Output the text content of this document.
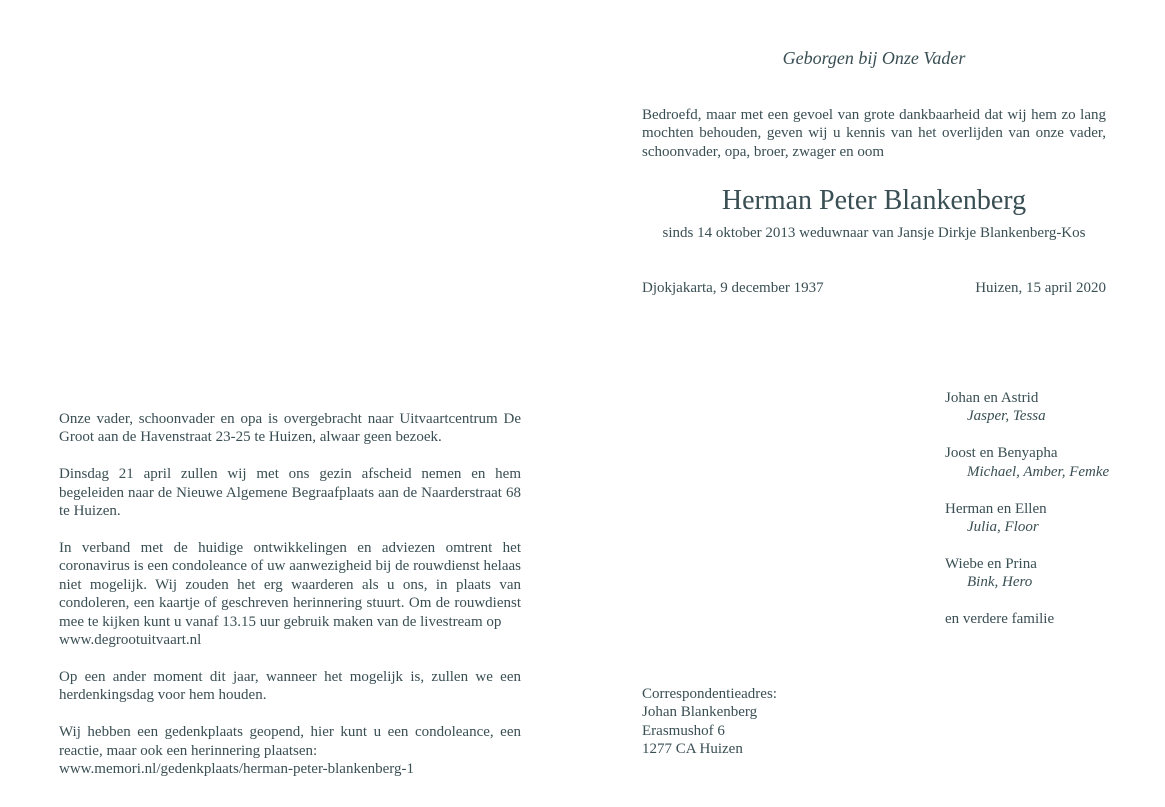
Onze vader, schoonvader en opa is overgebracht naar Uitvaartcentrum De Groot aan de Havenstraat 23-25 te Huizen, alwaar geen bezoek.

Dinsdag 21 april zullen wij met ons gezin afscheid nemen en hem begeleiden naar de Nieuwe Algemene Begraafplaats aan de Naarderstraat 68 te Huizen.

In verband met de huidige ontwikkelingen en adviezen omtrent het coronavirus is een condoleance of uw aanwezigheid bij de rouwdienst helaas niet mogelijk. Wij zouden het erg waarderen als u ons, in plaats van condoleren, een kaartje of geschreven herinnering stuurt. Om de rouwdienst mee te kijken kunt u vanaf 13.15 uur gebruik maken van de livestream op

www.degrootuitvaart.nl

Op een ander moment dit jaar, wanneer het mogelijk is, zullen we een herdenkingsdag voor hem houden.

Wij hebben een gedenkplaats geopend, hier kunt u een condoleance, een reactie, maar ook een herinnering plaatsen:

www.memori.nl/gedenkplaats/herman-peter-blankenberg-1

Geborgen bij Onze Vader

Bedroefd, maar met een gevoel van grote dankbaarheid dat wij hem zo lang mochten behouden, geven wij u kennis van het overlijden van onze vader, schoonvader, opa, broer, zwager en oom

Herman Peter Blankenberg

sinds 14 oktober 2013 weduwnaar van Jansje Dirkje Blankenberg-Kos

Djokjakarta, 9 december 1937	Huizen, 15 april 2020

Johan en Astrid

Jasper, Tessa

Joost en Benyapha

Michael, Amber, Femke

Herman en Ellen

Julia, Floor

Wiebe en Prina

Bink, Hero

en verdere familie

Correspondentieadres:

Johan Blankenberg

Erasmushof 6

1277 CA Huizen
